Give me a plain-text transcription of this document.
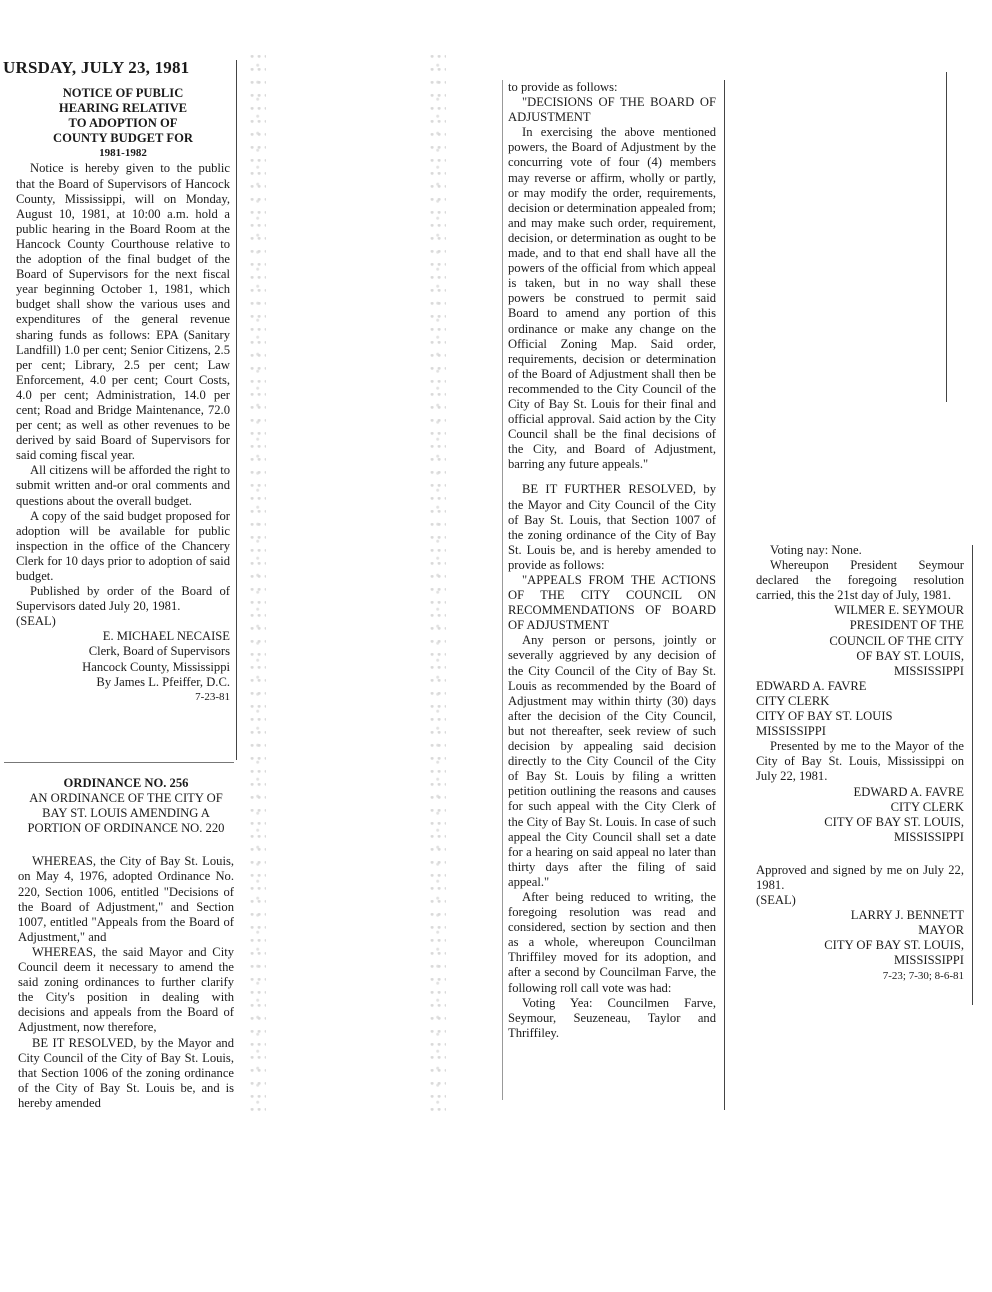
URSDAY, JULY 23, 1981

NOTICE OF PUBLIC

HEARING RELATIVE

TO ADOPTION OF

COUNTY BUDGET FOR

1981-1982

Notice is hereby given to the public that the Board of Supervisors of Hancock County, Mississippi, will on Monday, August 10, 1981, at 10:00 a.m. hold a public hearing in the Board Room at the Hancock County Courthouse relative to the adoption of the final budget of the Board of Supervisors for the next fiscal year beginning October 1, 1981, which budget shall show the various uses and expenditures of the general revenue sharing funds as follows: EPA (Sanitary Landfill) 1.0 per cent; Senior Citizens, 2.5 per cent; Library, 2.5 per cent; Law Enforcement, 4.0 per cent; Court Costs, 4.0 per cent; Administration, 14.0 per cent; Road and Bridge Maintenance, 72.0 per cent; as well as other revenues to be derived by said Board of Supervisors for said coming fiscal year.

All citizens will be afforded the right to submit written and-or oral comments and questions about the overall budget.

A copy of the said budget proposed for adoption will be available for public inspection in the office of the Chancery Clerk for 10 days prior to adoption of said budget.

Published by order of the Board of Supervisors dated July 20, 1981.

(SEAL)

E. MICHAEL NECAISE

Clerk, Board of Supervisors

Hancock County, Mississippi

By James L. Pfeiffer, D.C.

7-23-81

ORDINANCE NO. 256

AN ORDINANCE OF THE CITY OF BAY ST. LOUIS AMENDING A PORTION OF ORDINANCE NO. 220

WHEREAS, the City of Bay St. Louis, on May 4, 1976, adopted Ordinance No. 220, Section 1006, entitled "Decisions of the Board of Adjustment," and Section 1007, entitled "Appeals from the Board of Adjustment," and

WHEREAS, the said Mayor and City Council deem it necessary to amend the said zoning ordinances to further clarify the City's position in dealing with decisions and appeals from the Board of Adjustment, now therefore,

BE IT RESOLVED, by the Mayor and City Council of the City of Bay St. Louis, that Section 1006 of the zoning ordinance of the City of Bay St. Louis be, and is hereby amended

to provide as follows:

"DECISIONS OF THE BOARD OF ADJUSTMENT

In exercising the above mentioned powers, the Board of Adjustment by the concurring vote of four (4) members may reverse or affirm, wholly or partly, or may modify the order, requirements, decision or determination appealed from; and may make such order, requirement, decision, or determination as ought to be made, and to that end shall have all the powers of the official from which appeal is taken, but in no way shall these powers be construed to permit said Board to amend any portion of this ordinance or make any change on the Official Zoning Map. Said order, requirements, decision or determination of the Board of Adjustment shall then be recommended to the City Council of the City of Bay St. Louis for their final and official approval. Said action by the City Council shall be the final decisions of the City, and Board of Adjustment, barring any future appeals."

BE IT FURTHER RESOLVED, by the Mayor and City Council of the City of Bay St. Louis, that Section 1007 of the zoning ordinance of the City of Bay St. Louis be, and is hereby amended to provide as follows:

"APPEALS FROM THE ACTIONS OF THE CITY COUNCIL ON RECOMMENDATIONS OF BOARD OF ADJUSTMENT

Any person or persons, jointly or severally aggrieved by any decision of the City Council of the City of Bay St. Louis as recommended by the Board of Adjustment may within thirty (30) days after the decision of the City Council, but not thereafter, seek review of such decision by appealing said decision directly to the City Council of the City of Bay St. Louis by filing a written petition outlining the reasons and causes for such appeal with the City Clerk of the City of Bay St. Louis. In case of such appeal the City Council shall set a date for a hearing on said appeal no later than thirty days after the filing of said appeal."

After being reduced to writing, the foregoing resolution was read and considered, section by section and then as a whole, whereupon Councilman Thriffiley moved for its adoption, and after a second by Councilman Farve, the following roll call vote was had:

Voting Yea: Councilmen Farve, Seymour, Seuzeneau, Taylor and Thriffiley.

Voting nay: None.

Whereupon President Seymour declared the foregoing resolution carried, this the 21st day of July, 1981.

WILMER E. SEYMOUR

PRESIDENT OF THE

COUNCIL OF THE CITY

OF BAY ST. LOUIS,

MISSISSIPPI

EDWARD A. FAVRE

CITY CLERK

CITY OF BAY ST. LOUIS

MISSISSIPPI

Presented by me to the Mayor of the City of Bay St. Louis, Mississippi on July 22, 1981.

EDWARD A. FAVRE

CITY CLERK

CITY OF BAY ST. LOUIS,

MISSISSIPPI

Approved and signed by me on July 22, 1981.

(SEAL)

LARRY J. BENNETT

MAYOR

CITY OF BAY ST. LOUIS,

MISSISSIPPI

7-23; 7-30; 8-6-81
